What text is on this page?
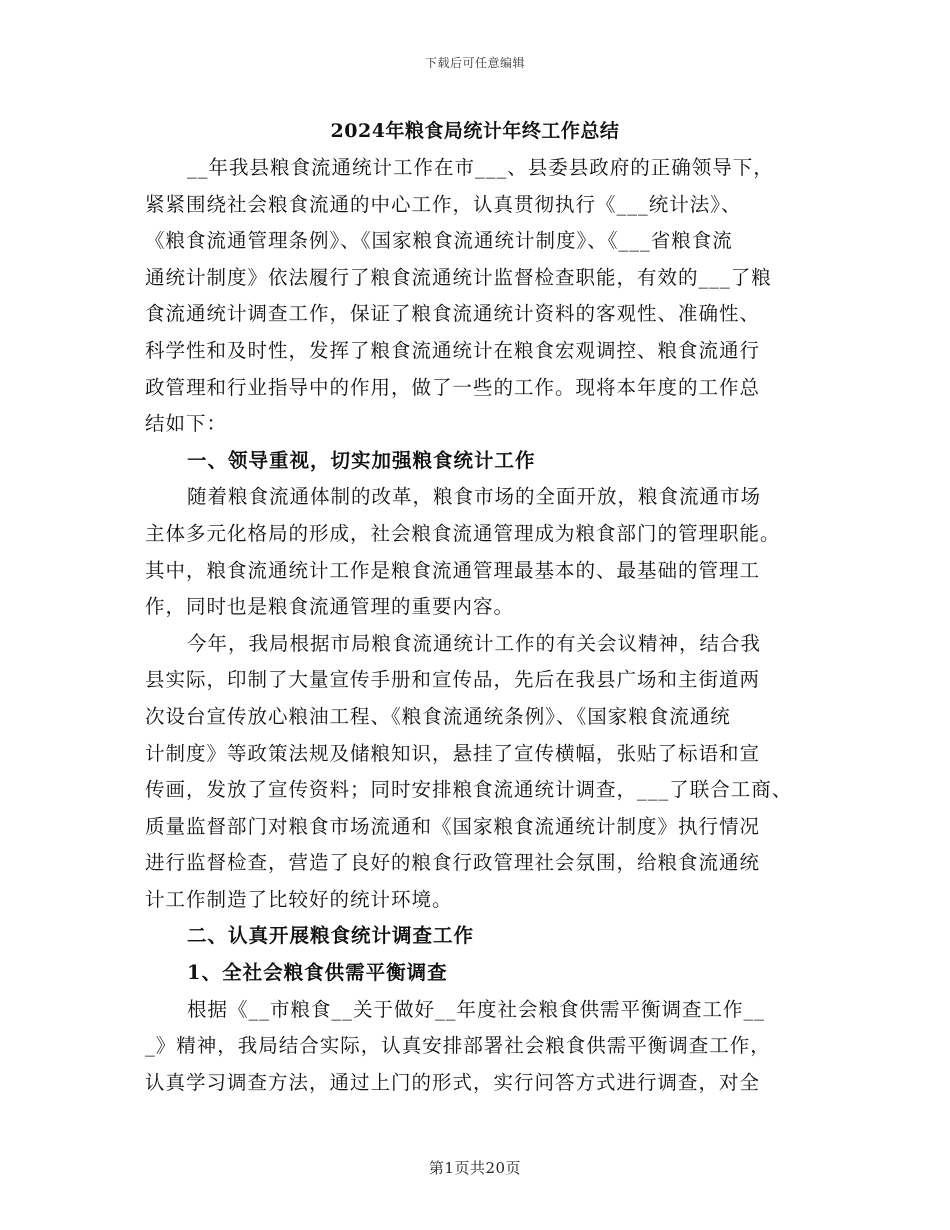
下载后可任意编辑
2024年粮食局统计年终工作总结
__年我县粮食流通统计工作在市___、县委县政府的正确领导下，
紧紧围绕社会粮食流通的中心工作，认真贯彻执行《___统计法》、
《粮食流通管理条例》、《国家粮食流通统计制度》、《___省粮食流
通统计制度》依法履行了粮食流通统计监督检查职能，有效的___了粮
食流通统计调查工作，保证了粮食流通统计资料的客观性、准确性、
科学性和及时性，发挥了粮食流通统计在粮食宏观调控、粮食流通行
政管理和行业指导中的作用，做了一些的工作。现将本年度的工作总
结如下：
一、领导重视，切实加强粮食统计工作
随着粮食流通体制的改革，粮食市场的全面开放，粮食流通市场
主体多元化格局的形成，社会粮食流通管理成为粮食部门的管理职能。
其中，粮食流通统计工作是粮食流通管理最基本的、最基础的管理工
作，同时也是粮食流通管理的重要内容。
今年，我局根据市局粮食流通统计工作的有关会议精神，结合我
县实际，印制了大量宣传手册和宣传品，先后在我县广场和主街道两
次设台宣传放心粮油工程、《粮食流通统条例》、《国家粮食流通统
计制度》等政策法规及储粮知识，悬挂了宣传横幅，张贴了标语和宣
传画，发放了宣传资料；同时安排粮食流通统计调查，___了联合工商、
质量监督部门对粮食市场流通和《国家粮食流通统计制度》执行情况
进行监督检查，营造了良好的粮食行政管理社会氛围，给粮食流通统
计工作制造了比较好的统计环境。
二、认真开展粮食统计调查工作
1、全社会粮食供需平衡调查
根据《__市粮食__关于做好__年度社会粮食供需平衡调查工作__
_》精神，我局结合实际，认真安排部署社会粮食供需平衡调查工作，
认真学习调查方法，通过上门的形式，实行问答方式进行调查，对全
第1页共20页
